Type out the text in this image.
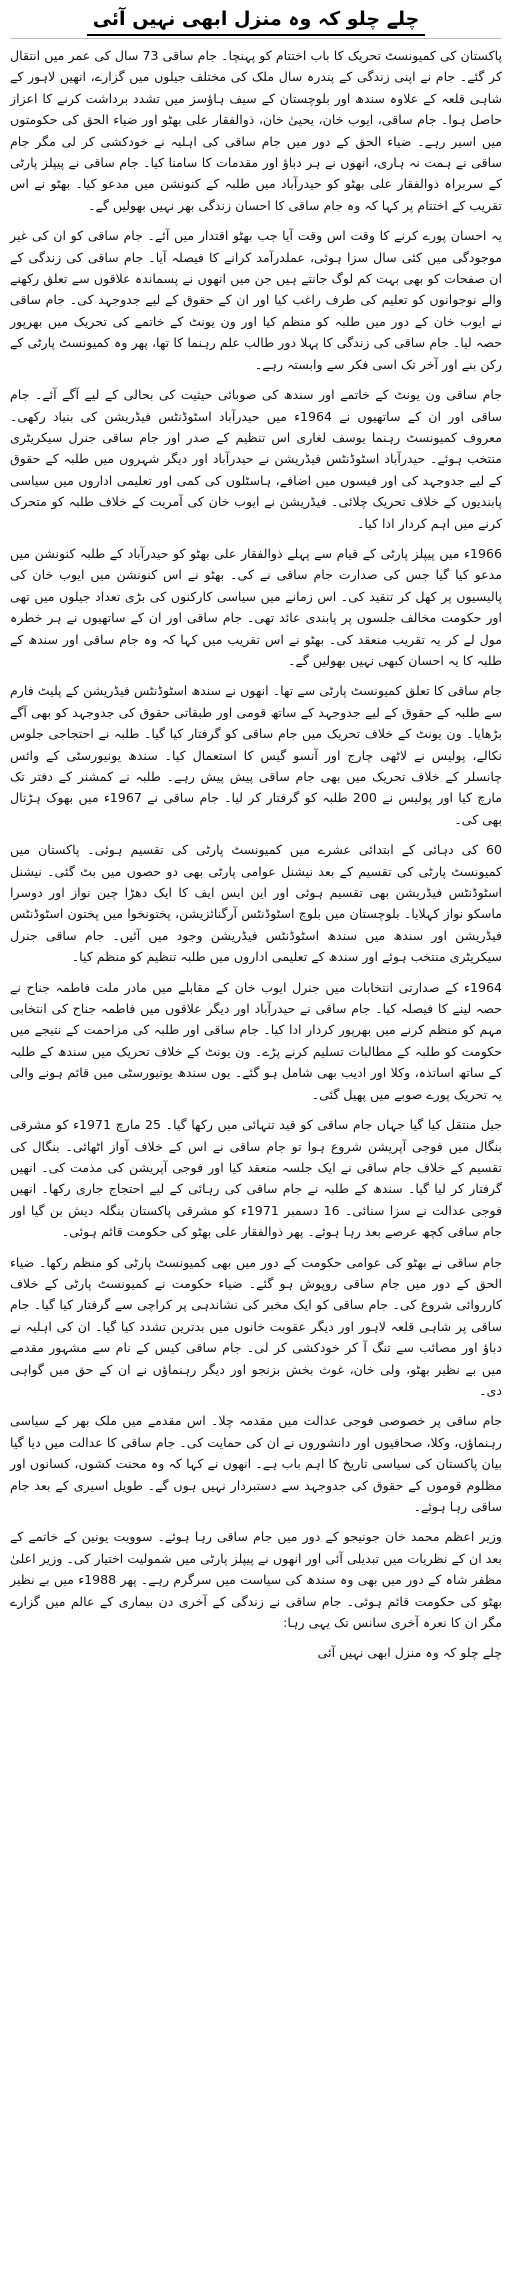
چلے چلو کہ وہ منزل ابھی نہیں آئی

پاکستان کی کمیونسٹ تحریک کا باب اختتام کو پہنچا۔ جام ساقی 73 سال کی عمر میں انتقال کر گئے۔ جام نے اپنی زندگی کے پندرہ سال ملک کی مختلف جیلوں میں گزارے، انھیں لاہور کے شاہی قلعہ کے علاوہ سندھ اور بلوچستان کے سیف ہاؤسز میں تشدد برداشت کرنے کا اعزاز حاصل ہوا۔ جام ساقی، ایوب خان، یحییٰ خان، ذوالفقار علی بھٹو اور ضیاء الحق کی حکومتوں میں اسیر رہے۔ ضیاء الحق کے دور میں جام ساقی کی اہلیہ نے خودکشی کر لی مگر جام ساقی نے ہمت نہ ہاری، انھوں نے ہر دباؤ اور مقدمات کا سامنا کیا۔ جام ساقی نے پیپلز پارٹی کے سربراہ ذوالفقار علی بھٹو کو حیدرآباد میں طلبہ کے کنونشن میں مدعو کیا۔ بھٹو نے اس تقریب کے اختتام پر کہا کہ وہ جام ساقی کا احسان زندگی بھر نہیں بھولیں گے۔

یہ احسان پورے کرنے کا وقت اس وقت آیا جب بھٹو اقتدار میں آئے۔ جام ساقی کو ان کی غیر موجودگی میں کئی سال سزا ہوئی، عملدرآمد کرانے کا فیصلہ آیا۔ جام ساقی کی زندگی کے ان صفحات کو بھی بہت کم لوگ جانتے ہیں جن میں انھوں نے پسماندہ علاقوں سے تعلق رکھنے والے نوجوانوں کو تعلیم کی طرف راغب کیا اور ان کے حقوق کے لیے جدوجہد کی۔ جام ساقی نے ایوب خان کے دور میں طلبہ کو منظم کیا اور ون یونٹ کے خاتمے کی تحریک میں بھرپور حصہ لیا۔ جام ساقی کی زندگی کا پہلا دور طالب علم رہنما کا تھا، پھر وہ کمیونسٹ پارٹی کے رکن بنے اور آخر تک اسی فکر سے وابستہ رہے۔

جام ساقی ون یونٹ کے خاتمے اور سندھ کی صوبائی حیثیت کی بحالی کے لیے آگے آئے۔ جام ساقی اور ان کے ساتھیوں نے 1964ء میں حیدرآباد اسٹوڈنٹس فیڈریشن کی بنیاد رکھی۔ معروف کمیونسٹ رہنما یوسف لغاری اس تنظیم کے صدر اور جام ساقی جنرل سیکریٹری منتخب ہوئے۔ حیدرآباد اسٹوڈنٹس فیڈریشن نے حیدرآباد اور دیگر شہروں میں طلبہ کے حقوق کے لیے جدوجہد کی اور فیسوں میں اضافے، ہاسٹلوں کی کمی اور تعلیمی اداروں میں سیاسی پابندیوں کے خلاف تحریک چلائی۔ فیڈریشن نے ایوب خان کی آمریت کے خلاف طلبہ کو متحرک کرنے میں اہم کردار ادا کیا۔

1966ء میں پیپلز پارٹی کے قیام سے پہلے ذوالفقار علی بھٹو کو حیدرآباد کے طلبہ کنونشن میں مدعو کیا گیا جس کی صدارت جام ساقی نے کی۔ بھٹو نے اس کنونشن میں ایوب خان کی پالیسیوں پر کھل کر تنقید کی۔ اس زمانے میں سیاسی کارکنوں کی بڑی تعداد جیلوں میں تھی اور حکومت مخالف جلسوں پر پابندی عائد تھی۔ جام ساقی اور ان کے ساتھیوں نے ہر خطرہ مول لے کر یہ تقریب منعقد کی۔ بھٹو نے اس تقریب میں کہا کہ وہ جام ساقی اور سندھ کے طلبہ کا یہ احسان کبھی نہیں بھولیں گے۔

جام ساقی کا تعلق کمیونسٹ پارٹی سے تھا۔ انھوں نے سندھ اسٹوڈنٹس فیڈریشن کے پلیٹ فارم سے طلبہ کے حقوق کے لیے جدوجہد کے ساتھ قومی اور طبقاتی حقوق کی جدوجہد کو بھی آگے بڑھایا۔ ون یونٹ کے خلاف تحریک میں جام ساقی کو گرفتار کیا گیا۔ طلبہ نے احتجاجی جلوس نکالے، پولیس نے لاٹھی چارج اور آنسو گیس کا استعمال کیا۔ سندھ یونیورسٹی کے وائس چانسلر کے خلاف تحریک میں بھی جام ساقی پیش پیش رہے۔ طلبہ نے کمشنر کے دفتر تک مارچ کیا اور پولیس نے 200 طلبہ کو گرفتار کر لیا۔ جام ساقی نے 1967ء میں بھوک ہڑتال بھی کی۔

60 کی دہائی کے ابتدائی عشرے میں کمیونسٹ پارٹی کی تقسیم ہوئی۔ پاکستان میں کمیونسٹ پارٹی کی تقسیم کے بعد نیشنل عوامی پارٹی بھی دو حصوں میں بٹ گئی۔ نیشنل اسٹوڈنٹس فیڈریشن بھی تقسیم ہوئی اور این ایس ایف کا ایک دھڑا چین نواز اور دوسرا ماسکو نواز کہلایا۔ بلوچستان میں بلوچ اسٹوڈنٹس آرگنائزیشن، پختونخوا میں پختون اسٹوڈنٹس فیڈریشن اور سندھ میں سندھ اسٹوڈنٹس فیڈریشن وجود میں آئیں۔ جام ساقی جنرل سیکریٹری منتخب ہوئے اور سندھ کے تعلیمی اداروں میں طلبہ تنظیم کو منظم کیا۔

1964ء کے صدارتی انتخابات میں جنرل ایوب خان کے مقابلے میں مادر ملت فاطمہ جناح نے حصہ لینے کا فیصلہ کیا۔ جام ساقی نے حیدرآباد اور دیگر علاقوں میں فاطمہ جناح کی انتخابی مہم کو منظم کرنے میں بھرپور کردار ادا کیا۔ جام ساقی اور طلبہ کی مزاحمت کے نتیجے میں حکومت کو طلبہ کے مطالبات تسلیم کرنے پڑے۔ ون یونٹ کے خلاف تحریک میں سندھ کے طلبہ کے ساتھ اساتذہ، وکلا اور ادیب بھی شامل ہو گئے۔ یوں سندھ یونیورسٹی میں قائم ہونے والی یہ تحریک پورے صوبے میں پھیل گئی۔

جیل منتقل کیا گیا جہاں جام ساقی کو قید تنہائی میں رکھا گیا۔ 25 مارچ 1971ء کو مشرقی بنگال میں فوجی آپریشن شروع ہوا تو جام ساقی نے اس کے خلاف آواز اٹھائی۔ بنگال کی تقسیم کے خلاف جام ساقی نے ایک جلسہ منعقد کیا اور فوجی آپریشن کی مذمت کی۔ انھیں گرفتار کر لیا گیا۔ سندھ کے طلبہ نے جام ساقی کی رہائی کے لیے احتجاج جاری رکھا۔ انھیں فوجی عدالت نے سزا سنائی۔ 16 دسمبر 1971ء کو مشرقی پاکستان بنگلہ دیش بن گیا اور جام ساقی کچھ عرصے بعد رہا ہوئے۔ پھر ذوالفقار علی بھٹو کی حکومت قائم ہوئی۔

جام ساقی نے بھٹو کی عوامی حکومت کے دور میں بھی کمیونسٹ پارٹی کو منظم رکھا۔ ضیاء الحق کے دور میں جام ساقی روپوش ہو گئے۔ ضیاء حکومت نے کمیونسٹ پارٹی کے خلاف کارروائی شروع کی۔ جام ساقی کو ایک مخبر کی نشاندہی پر کراچی سے گرفتار کیا گیا۔ جام ساقی پر شاہی قلعہ لاہور اور دیگر عقوبت خانوں میں بدترین تشدد کیا گیا۔ ان کی اہلیہ نے دباؤ اور مصائب سے تنگ آ کر خودکشی کر لی۔ جام ساقی کیس کے نام سے مشہور مقدمے میں بے نظیر بھٹو، ولی خان، غوث بخش بزنجو اور دیگر رہنماؤں نے ان کے حق میں گواہی دی۔

جام ساقی پر خصوصی فوجی عدالت میں مقدمہ چلا۔ اس مقدمے میں ملک بھر کے سیاسی رہنماؤں، وکلا، صحافیوں اور دانشوروں نے ان کی حمایت کی۔ جام ساقی کا عدالت میں دیا گیا بیان پاکستان کی سیاسی تاریخ کا اہم باب ہے۔ انھوں نے کہا کہ وہ محنت کشوں، کسانوں اور مظلوم قوموں کے حقوق کی جدوجہد سے دستبردار نہیں ہوں گے۔ طویل اسیری کے بعد جام ساقی رہا ہوئے۔

وزیر اعظم محمد خان جونیجو کے دور میں جام ساقی رہا ہوئے۔ سوویت یونین کے خاتمے کے بعد ان کے نظریات میں تبدیلی آئی اور انھوں نے پیپلز پارٹی میں شمولیت اختیار کی۔ وزیر اعلیٰ مظفر شاہ کے دور میں بھی وہ سندھ کی سیاست میں سرگرم رہے۔ پھر 1988ء میں بے نظیر بھٹو کی حکومت قائم ہوئی۔ جام ساقی نے زندگی کے آخری دن بیماری کے عالم میں گزارے مگر ان کا نعرہ آخری سانس تک یہی رہا:

چلے چلو کہ وہ منزل ابھی نہیں آئی
